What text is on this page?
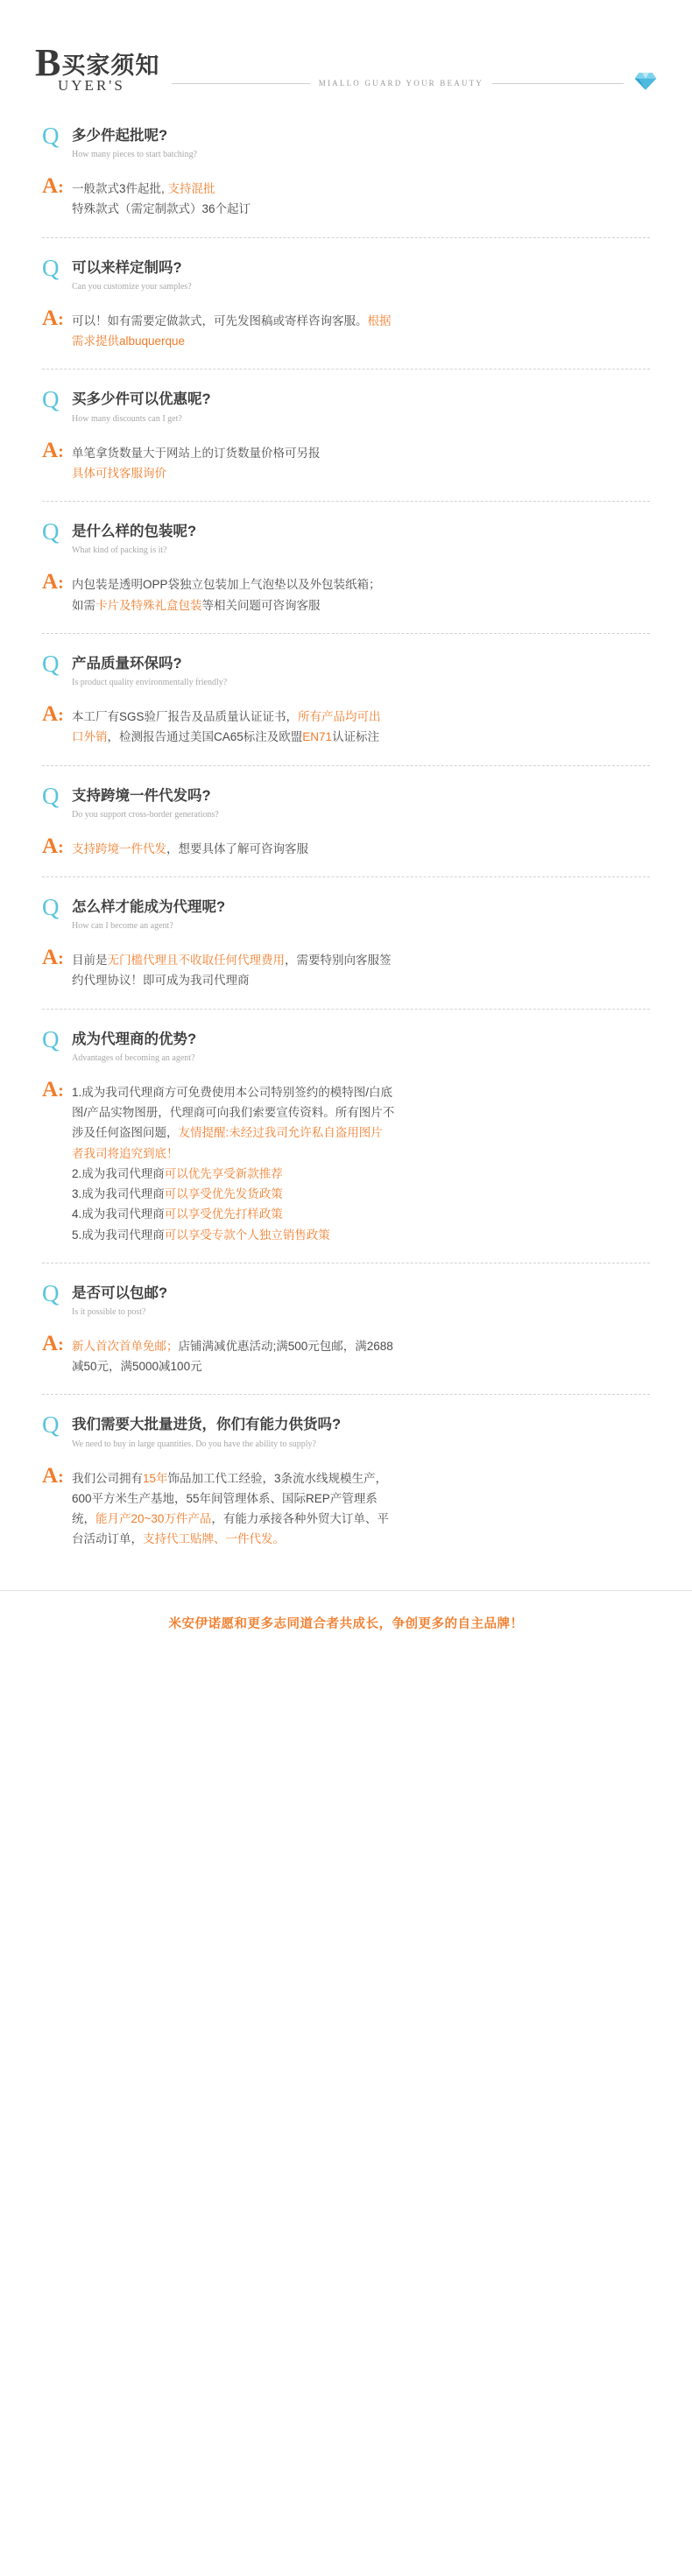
B买家须知
UYER'S	MIALLO GUARD YOUR BEAUTY
Q 多少件起批呢?
How many pieces to start batching?
A: 一般款式3件起批, 支持混批

特殊款式（需定制款式）36个起订

Q 可以来样定制吗?
Can you customize your samples?
A: 可以！如有需要定做款式，可先发图稿或寄样咨询客服。根据

需求提供albuquerque

Q 买多少件可以优惠呢?
How many discounts can I get?
A: 单笔拿货数量大于网站上的订货数量价格可另报

具体可找客服询价

Q 是什么样的包装呢?
What kind of packing is it?
A: 内包装是透明OPP袋独立包装加上气泡垫以及外包装纸箱；

如需卡片及特殊礼盒包装等相关问题可咨询客服

Q 产品质量环保吗?
Is product quality environmentally friendly?
A: 本工厂有SGS验厂报告及品质量认证证书，所有产品均可出

口外销，检测报告通过美国CA65标注及欧盟EN71认证标注

Q 支持跨境一件代发吗?
Do you support cross-border generations?
A: 支持跨境一件代发，想要具体了解可咨询客服

Q 怎么样才能成为代理呢?
How can I become an agent?
A: 目前是无门槛代理且不收取任何代理费用，需要特别向客服签

约代理协议！即可成为我司代理商

Q 成为代理商的优势?
Advantages of becoming an agent?
A: 1.成为我司代理商方可免费使用本公司特别签约的模特图/白底

图/产品实物图册，代理商可向我们索要宣传资料。所有图片不

涉及任何盗图问题，友情提醒:未经过我司允许私自盗用图片

者我司将追究到底！

2.成为我司代理商可以优先享受新款推荐

3.成为我司代理商可以享受优先发货政策

4.成为我司代理商可以享受优先打样政策

5.成为我司代理商可以享受专款个人独立销售政策

Q 是否可以包邮?
Is it possible to post?
A: 新人首次首单免邮；店铺满减优惠活动;满500元包邮，满2688

减50元，满5000减100元

Q 我们需要大批量进货，你们有能力供货吗?
We need to buy in large quantities. Do you have the ability to supply?
A: 我们公司拥有15年饰品加工代工经验，3条流水线规模生产，

600平方米生产基地，55年间管理体系、国际REP产管理系

统，能月产20~30万件产品，有能力承接各种外贸大订单、平

台活动订单，支持代工贴牌、一件代发。

米安伊诺愿和更多志同道合者共成长，争创更多的自主品牌！
